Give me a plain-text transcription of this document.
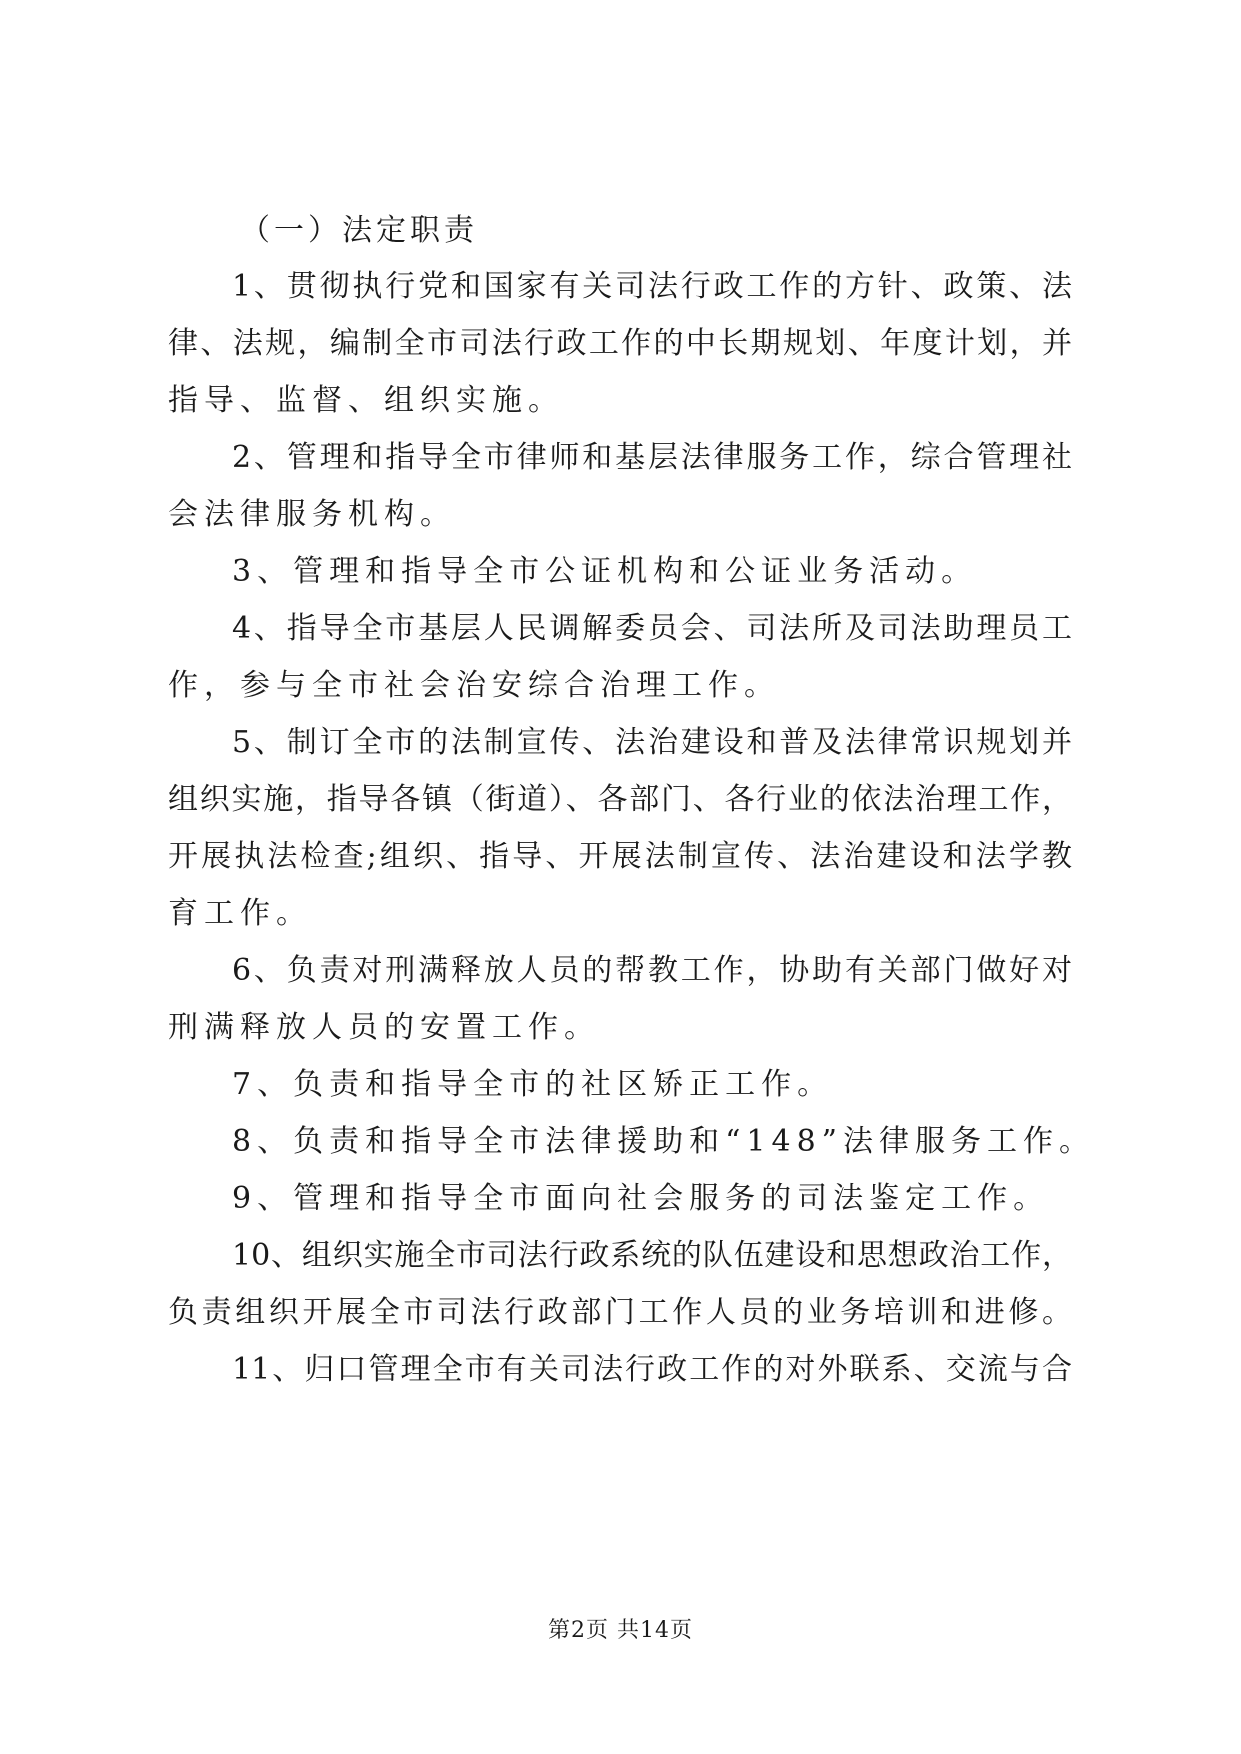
（一）法定职责
1、贯彻执行党和国家有关司法行政工作的方针、政策、法
律、法规，编制全市司法行政工作的中长期规划、年度计划，并
指导、监督、组织实施。
2、管理和指导全市律师和基层法律服务工作，综合管理社
会法律服务机构。
3、管理和指导全市公证机构和公证业务活动。
4、指导全市基层人民调解委员会、司法所及司法助理员工
作，参与全市社会治安综合治理工作。
5、制订全市的法制宣传、法治建设和普及法律常识规划并
组织实施，指导各镇（街道）、各部门、各行业的依法治理工作，
开展执法检查;组织、指导、开展法制宣传、法治建设和法学教
育工作。
6、负责对刑满释放人员的帮教工作，协助有关部门做好对
刑满释放人员的安置工作。
7、负责和指导全市的社区矫正工作。
8、负责和指导全市法律援助和“148”法律服务工作。
9、管理和指导全市面向社会服务的司法鉴定工作。
10、组织实施全市司法行政系统的队伍建设和思想政治工作，
负责组织开展全市司法行政部门工作人员的业务培训和进修。
11、归口管理全市有关司法行政工作的对外联系、交流与合
第2页 共14页
